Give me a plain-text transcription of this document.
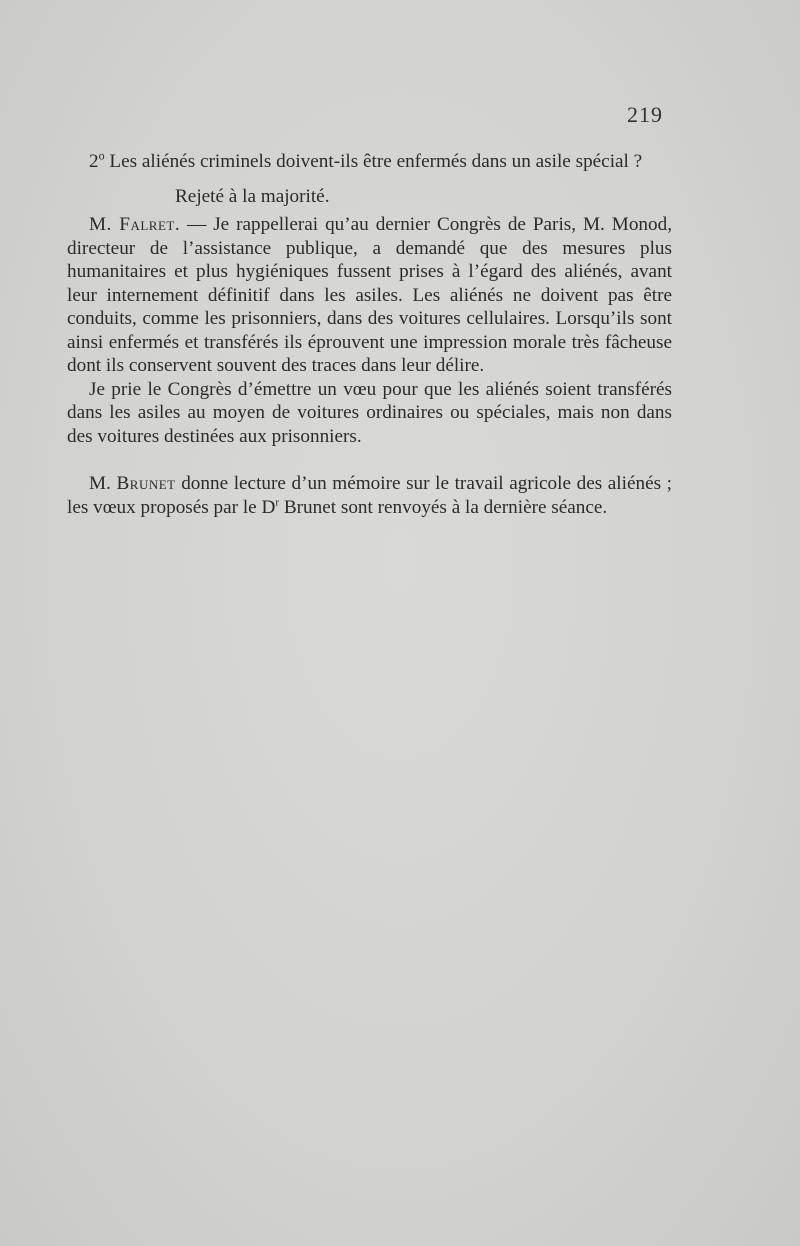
219

2$^o$ Les aliénés criminels doivent-ils être enfermés dans un asile spécial ?

Rejeté à la majorité.

M. Falret. — Je rappellerai qu’au dernier Congrès de Paris, M. Monod, directeur de l’assistance publique, a demandé que des mesures plus humanitaires et plus hygiéniques fussent prises à l’égard des aliénés, avant leur internement définitif dans les asiles. Les aliénés ne doivent pas être conduits, comme les prisonniers, dans des voitures cellulaires. Lorsqu’ils sont ainsi enfermés et transférés ils éprouvent une impression morale très fâcheuse dont ils conservent souvent des traces dans leur délire.

Je prie le Congrès d’émettre un vœu pour que les aliénés soient transférés dans les asiles au moyen de voitures ordinaires ou spéciales, mais non dans des voitures destinées aux prisonniers.

M. Brunet donne lecture d’un mémoire sur le travail agricole des aliénés ; les vœux proposés par le $D^r$ Brunet sont renvoyés à la dernière séance.
